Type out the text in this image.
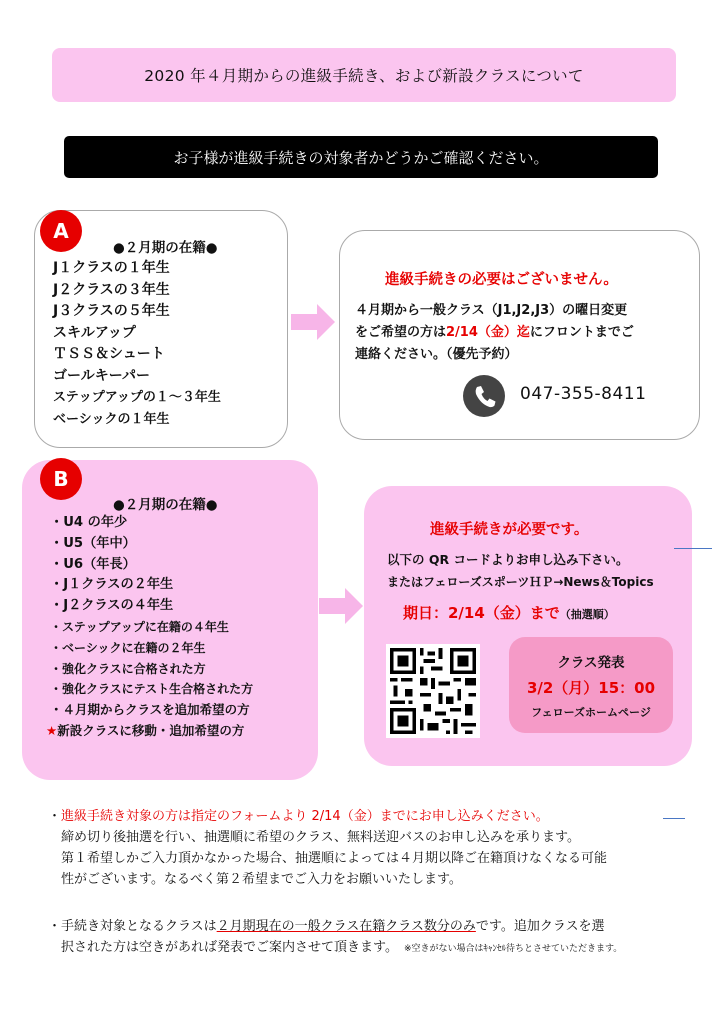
2020 年４月期からの進級手続き、および新設クラスについて
お子様が進級手続きの対象者かどうかご確認ください。
A
●２月期の在籍●
J１クラスの１年生
J２クラスの３年生
J３クラスの５年生
スキルアップ
ＴＳＳ＆シュート
ゴールキーパー
ステップアップの１～３年生
ベーシックの１年生
進級手続きの必要はございません。
４月期から一般クラス（J1,J2,J3）の曜日変更
をご希望の方は2/14（金）迄にフロントまでご
連絡ください。（優先予約）
047-355-8411
B
●２月期の在籍●
・U4 の年少
・U5（年中）
・U6（年長）
・J１クラスの２年生
・J２クラスの４年生
・ステップアップに在籍の４年生
・ベーシックに在籍の２年生
・強化クラスに合格された方
・強化クラスにテスト生合格された方
・４月期からクラスを追加希望の方
★新設クラスに移動・追加希望の方
進級手続きが必要です。
以下の QR コードよりお申し込み下さい。
またはフェローズスポーツＨＰ→News＆Topics
期日：2/14（金）まで（抽選順）
クラス発表
3/2（月）15：00
フェローズホームページ
・進級手続き対象の方は指定のフォームより 2/14（金）までにお申し込みください。
締め切り後抽選を行い、抽選順に希望のクラス、無料送迎バスのお申し込みを承ります。
第１希望しかご入力頂かなかった場合、抽選順によっては４月期以降ご在籍頂けなくなる可能
性がございます。なるべく第２希望までご入力をお願いいたします。
・手続き対象となるクラスは２月期現在の一般クラス在籍クラス数分のみです。追加クラスを選
択された方は空きがあれば発表でご案内させて頂きます。 ※空きがない場合はｷｬﾝｾﾙ待ちとさせていただきます。
